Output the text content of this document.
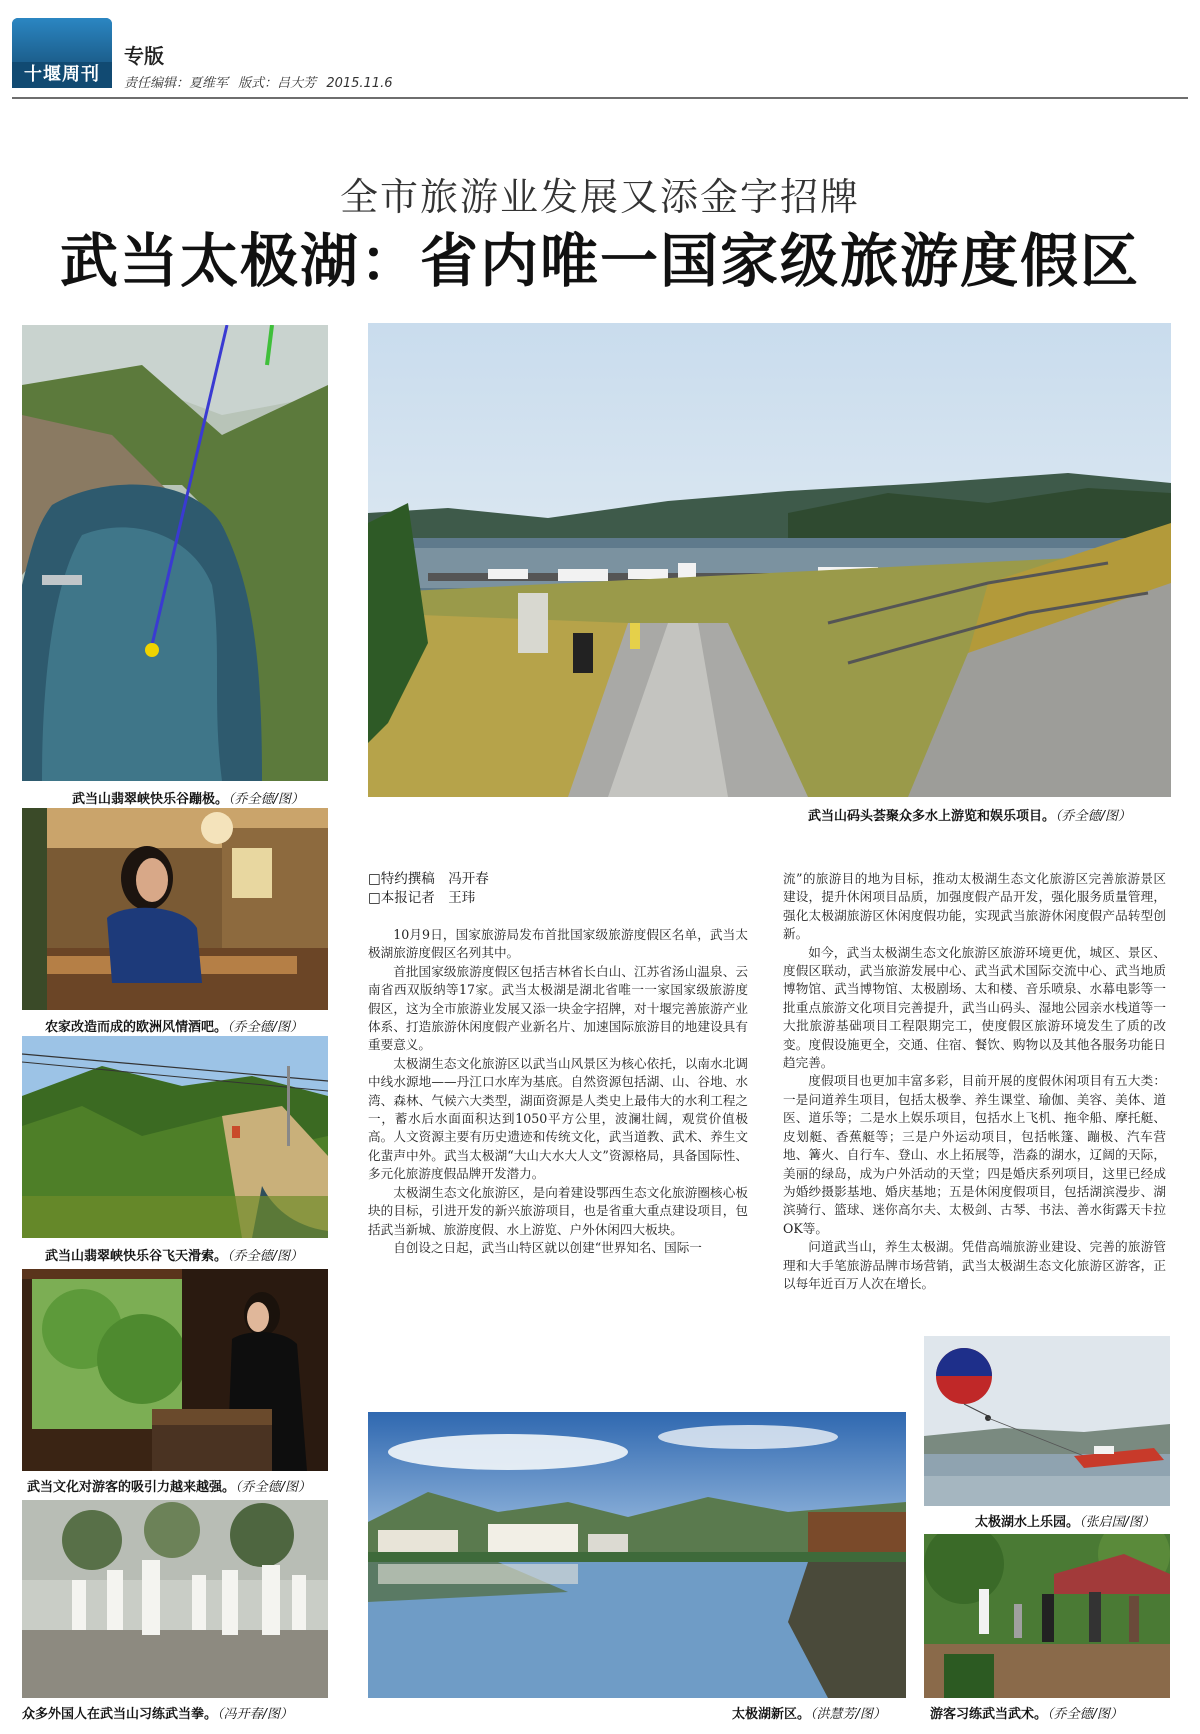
十堰周刊
专版
责任编辑：夏维军 版式：吕大芳 2015.11.6
全市旅游业发展又添金字招牌
武当太极湖：省内唯一国家级旅游度假区
武当山翡翠峡快乐谷蹦极。（乔全德/图）
农家改造而成的欧洲风情酒吧。（乔全德/图）
武当山翡翠峡快乐谷飞天滑索。（乔全德/图）
武当文化对游客的吸引力越来越强。（乔全德/图）
众多外国人在武当山习练武当拳。（冯开春/图）
武当山码头荟聚众多水上游览和娱乐项目。（乔全德/图）
□特约撰稿　冯开春
□本报记者　王玮

10月9日，国家旅游局发布首批国家级旅游度假区名单，武当太极湖旅游度假区名列其中。

首批国家级旅游度假区包括吉林省长白山、江苏省汤山温泉、云南省西双版纳等17家。武当太极湖是湖北省唯一一家国家级旅游度假区，这为全市旅游业发展又添一块金字招牌，对十堰完善旅游产业体系、打造旅游休闲度假产业新名片、加速国际旅游目的地建设具有重要意义。

太极湖生态文化旅游区以武当山风景区为核心依托，以南水北调中线水源地——丹江口水库为基底。自然资源包括湖、山、谷地、水湾、森林、气候六大类型，湖面资源是人类史上最伟大的水利工程之一，蓄水后水面面积达到1050平方公里，波澜壮阔，观赏价值极高。人文资源主要有历史遗迹和传统文化，武当道教、武术、养生文化蜚声中外。武当太极湖“大山大水大人文”资源格局，具备国际性、多元化旅游度假品牌开发潜力。

太极湖生态文化旅游区，是向着建设鄂西生态文化旅游圈核心板块的目标，引进开发的新兴旅游项目，也是省重大重点建设项目，包括武当新城、旅游度假、水上游览、户外休闲四大板块。

自创设之日起，武当山特区就以创建“世界知名、国际一

流”的旅游目的地为目标，推动太极湖生态文化旅游区完善旅游景区建设，提升休闲项目品质，加强度假产品开发，强化服务质量管理，强化太极湖旅游区休闲度假功能，实现武当旅游休闲度假产品转型创新。

如今，武当太极湖生态文化旅游区旅游环境更优，城区、景区、度假区联动，武当旅游发展中心、武当武术国际交流中心、武当地质博物馆、武当博物馆、太极剧场、太和楼、音乐喷泉、水幕电影等一批重点旅游文化项目完善提升，武当山码头、湿地公园亲水栈道等一大批旅游基础项目工程限期完工，使度假区旅游环境发生了质的改变。度假设施更全，交通、住宿、餐饮、购物以及其他各服务功能日趋完善。

度假项目也更加丰富多彩，目前开展的度假休闲项目有五大类：一是问道养生项目，包括太极拳、养生课堂、瑜伽、美容、美体、道医、道乐等；二是水上娱乐项目，包括水上飞机、拖伞船、摩托艇、皮划艇、香蕉艇等；三是户外运动项目，包括帐篷、蹦极、汽车营地、篝火、自行车、登山、水上拓展等，浩淼的湖水，辽阔的天际，美丽的绿岛，成为户外活动的天堂；四是婚庆系列项目，这里已经成为婚纱摄影基地、婚庆基地；五是休闲度假项目，包括湖滨漫步、湖滨骑行、篮球、迷你高尔夫、太极剑、古琴、书法、善水街露天卡拉OK等。

问道武当山，养生太极湖。凭借高端旅游业建设、完善的旅游管理和大手笔旅游品牌市场营销，武当太极湖生态文化旅游区游客，正以每年近百万人次在增长。

太极湖新区。（洪慧芳/图）
太极湖水上乐园。（张启国/图）
游客习练武当武术。（乔全德/图）
